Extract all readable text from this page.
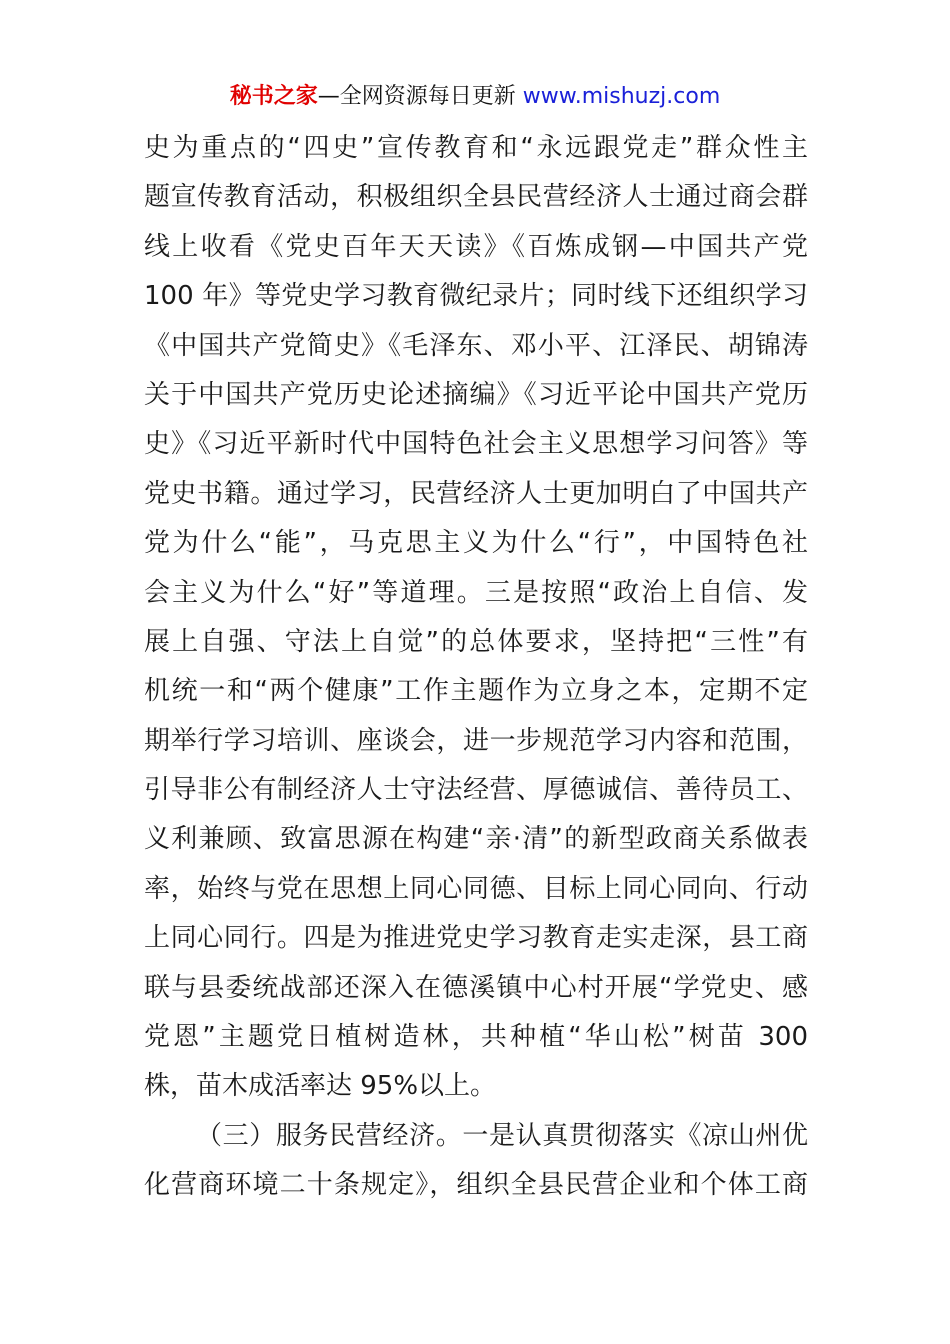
秘书之家—全网资源每日更新 www.mishuzj.com
史为重点的“四史”宣传教育和“永远跟党走”群众性主
题宣传教育活动，积极组织全县民营经济人士通过商会群
线上收看《党史百年天天读》《百炼成钢—中国共产党
100 年》等党史学习教育微纪录片；同时线下还组织学习
《中国共产党简史》《毛泽东、邓小平、江泽民、胡锦涛
关于中国共产党历史论述摘编》《习近平论中国共产党历
史》《习近平新时代中国特色社会主义思想学习问答》等
党史书籍。通过学习，民营经济人士更加明白了中国共产
党为什么“能”，马克思主义为什么“行”，中国特色社
会主义为什么“好”等道理。三是按照“政治上自信、发
展上自强、守法上自觉”的总体要求，坚持把“三性”有
机统一和“两个健康”工作主题作为立身之本，定期不定
期举行学习培训、座谈会，进一步规范学习内容和范围，
引导非公有制经济人士守法经营、厚德诚信、善待员工、
义利兼顾、致富思源在构建“亲·清”的新型政商关系做表
率，始终与党在思想上同心同德、目标上同心同向、行动
上同心同行。四是为推进党史学习教育走实走深，县工商
联与县委统战部还深入在德溪镇中心村开展“学党史、感
党恩”主题党日植树造林，共种植“华山松”树苗 300
株，苗木成活率达 95%以上。
（三）服务民营经济。一是认真贯彻落实《凉山州优
化营商环境二十条规定》，组织全县民营企业和个体工商
